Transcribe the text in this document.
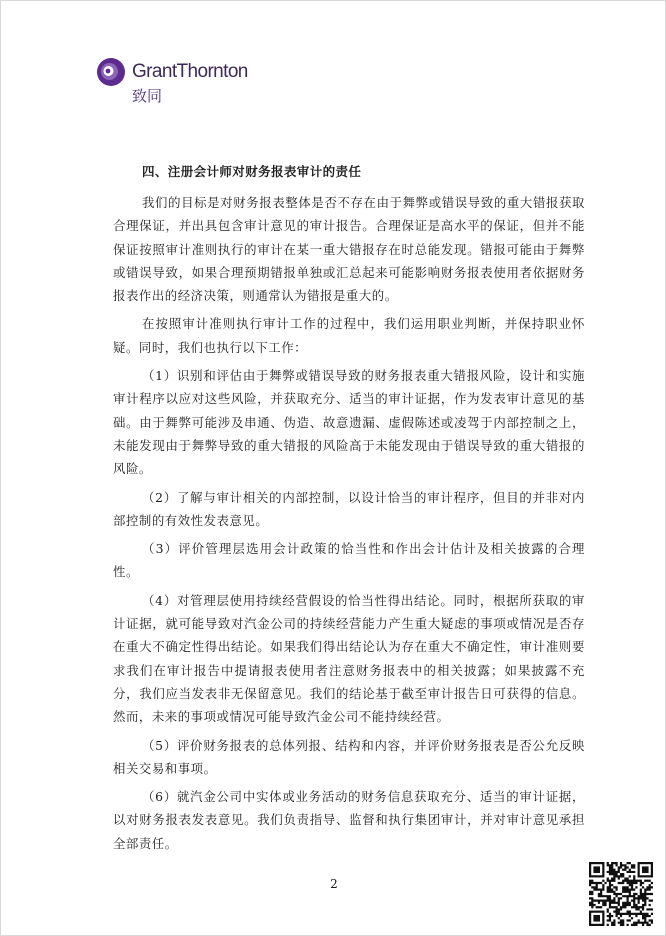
GrantThornton
致同
四、注册会计师对财务报表审计的责任

我们的目标是对财务报表整体是否不存在由于舞弊或错误导致的重大错报获取合理保证，并出具包含审计意见的审计报告。合理保证是高水平的保证，但并不能保证按照审计准则执行的审计在某一重大错报存在时总能发现。错报可能由于舞弊或错误导致，如果合理预期错报单独或汇总起来可能影响财务报表使用者依据财务报表作出的经济决策，则通常认为错报是重大的。

在按照审计准则执行审计工作的过程中，我们运用职业判断，并保持职业怀疑。同时，我们也执行以下工作：

（1）识别和评估由于舞弊或错误导致的财务报表重大错报风险，设计和实施审计程序以应对这些风险，并获取充分、适当的审计证据，作为发表审计意见的基础。由于舞弊可能涉及串通、伪造、故意遗漏、虚假陈述或凌驾于内部控制之上，未能发现由于舞弊导致的重大错报的风险高于未能发现由于错误导致的重大错报的风险。

（2）了解与审计相关的内部控制，以设计恰当的审计程序，但目的并非对内部控制的有效性发表意见。

（3）评价管理层选用会计政策的恰当性和作出会计估计及相关披露的合理性。

（4）对管理层使用持续经营假设的恰当性得出结论。同时，根据所获取的审计证据，就可能导致对汽金公司的持续经营能力产生重大疑虑的事项或情况是否存在重大不确定性得出结论。如果我们得出结论认为存在重大不确定性，审计准则要求我们在审计报告中提请报表使用者注意财务报表中的相关披露；如果披露不充分，我们应当发表非无保留意见。我们的结论基于截至审计报告日可获得的信息。然而，未来的事项或情况可能导致汽金公司不能持续经营。

（5）评价财务报表的总体列报、结构和内容，并评价财务报表是否公允反映相关交易和事项。

（6）就汽金公司中实体或业务活动的财务信息获取充分、适当的审计证据，以对财务报表发表意见。我们负责指导、监督和执行集团审计，并对审计意见承担全部责任。

2
